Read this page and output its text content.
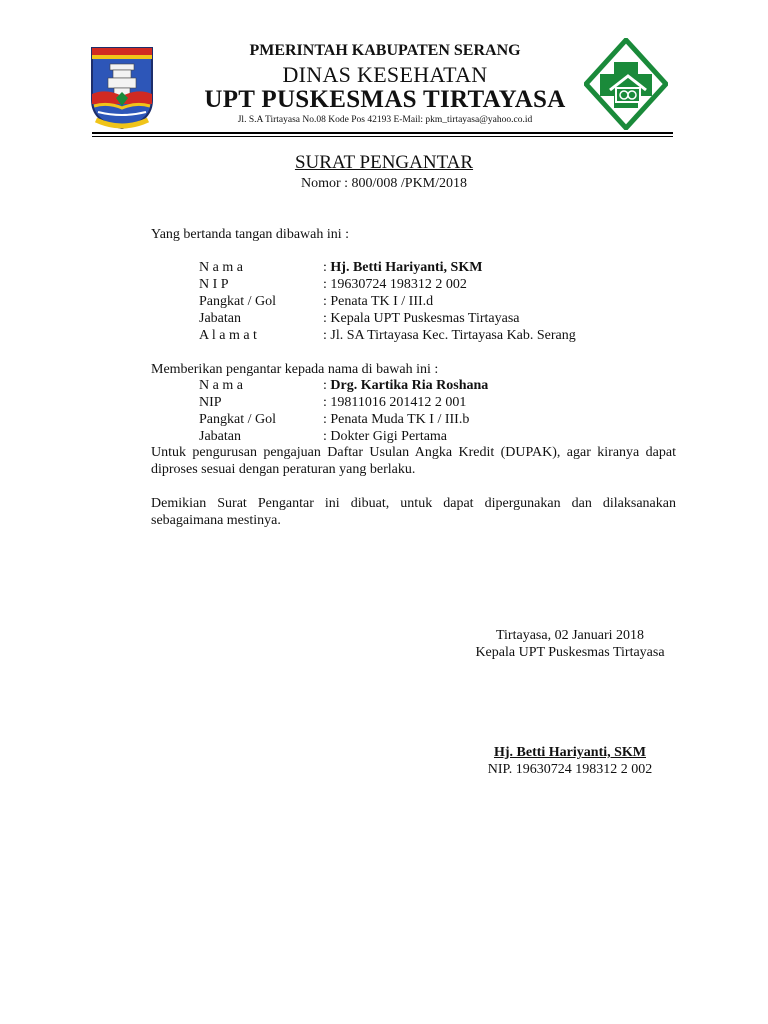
PMERINTAH KABUPATEN SERANG
DINAS KESEHATAN
UPT PUSKESMAS TIRTAYASA
Jl. S.A Tirtayasa No.08 Kode Pos 42193 E-Mail: pkm_tirtayasa@yahoo.co.id
SURAT PENGANTAR
Nomor : 800/008 /PKM/2018
Yang bertanda tangan dibawah ini :
N a m a	: Hj. Betti Hariyanti, SKM
N I P	: 19630724 198312 2 002
Pangkat / Gol	: Penata TK I / III.d
Jabatan	: Kepala UPT Puskesmas Tirtayasa
A l a m a t	: Jl. SA Tirtayasa Kec. Tirtayasa Kab. Serang
Memberikan pengantar kepada nama di bawah ini :
N a m a	: Drg. Kartika Ria Roshana
NIP	: 19811016 201412 2 001
Pangkat / Gol	: Penata Muda TK I / III.b
Jabatan	: Dokter Gigi Pertama
Untuk pengurusan pengajuan Daftar Usulan Angka Kredit (DUPAK), agar kiranya dapat diproses sesuai dengan peraturan yang berlaku.
Demikian Surat Pengantar ini dibuat, untuk dapat dipergunakan dan dilaksanakan sebagaimana mestinya.
Tirtayasa, 02 Januari 2018
Kepala UPT Puskesmas Tirtayasa
Hj. Betti Hariyanti, SKM
NIP. 19630724 198312 2 002
